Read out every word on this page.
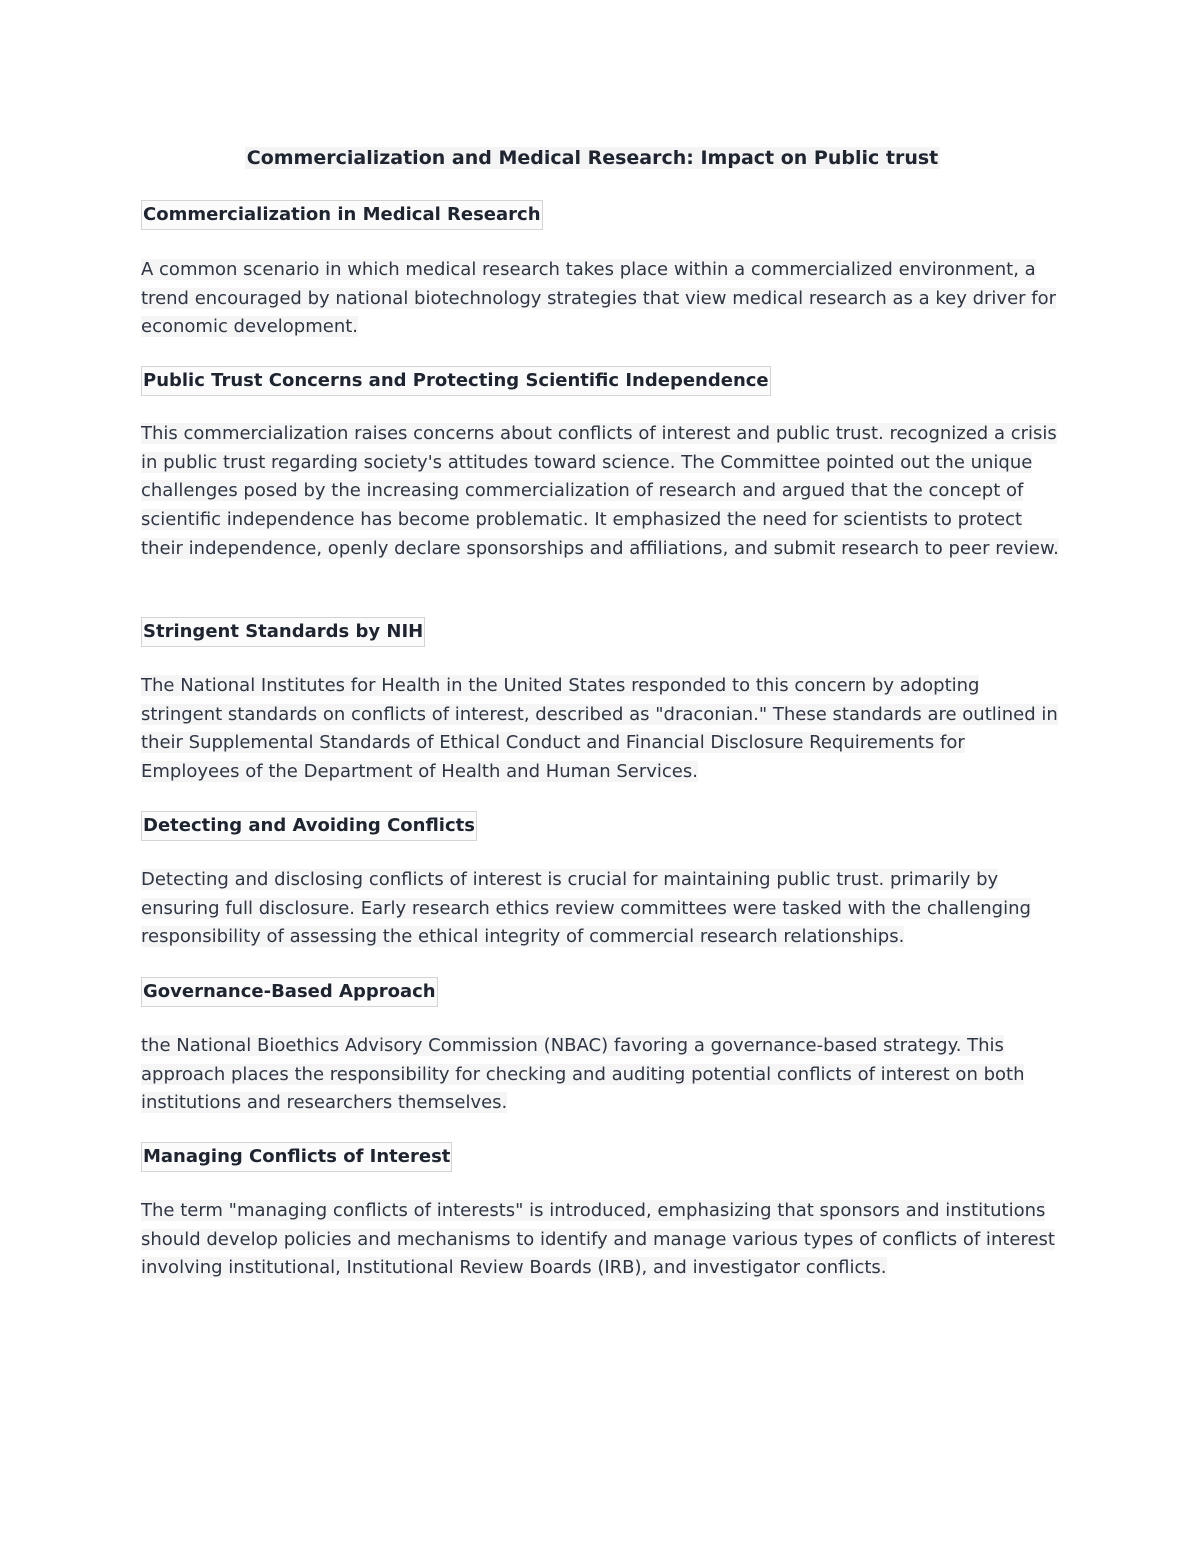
Commercialization and Medical Research: Impact on Public trust
Commercialization in Medical Research

A common scenario in which medical research takes place within a commercialized environment, a trend encouraged by national biotechnology strategies that view medical research as a key driver for economic development.

Public Trust Concerns and Protecting Scientific Independence

This commercialization raises concerns about conflicts of interest and public trust. recognized a crisis in public trust regarding society's attitudes toward science. The Committee pointed out the unique challenges posed by the increasing commercialization of research and argued that the concept of scientific independence has become problematic. It emphasized the need for scientists to protect their independence, openly declare sponsorships and affiliations, and submit research to peer review.

Stringent Standards by NIH

The National Institutes for Health in the United States responded to this concern by adopting stringent standards on conflicts of interest, described as "draconian." These standards are outlined in their Supplemental Standards of Ethical Conduct and Financial Disclosure Requirements for Employees of the Department of Health and Human Services.

Detecting and Avoiding Conflicts

Detecting and disclosing conflicts of interest is crucial for maintaining public trust. primarily by ensuring full disclosure. Early research ethics review committees were tasked with the challenging responsibility of assessing the ethical integrity of commercial research relationships.

Governance-Based Approach

the National Bioethics Advisory Commission (NBAC) favoring a governance-based strategy. This approach places the responsibility for checking and auditing potential conflicts of interest on both institutions and researchers themselves.

Managing Conflicts of Interest

The term "managing conflicts of interests" is introduced, emphasizing that sponsors and institutions should develop policies and mechanisms to identify and manage various types of conflicts of interest involving institutional, Institutional Review Boards (IRB), and investigator conflicts.
